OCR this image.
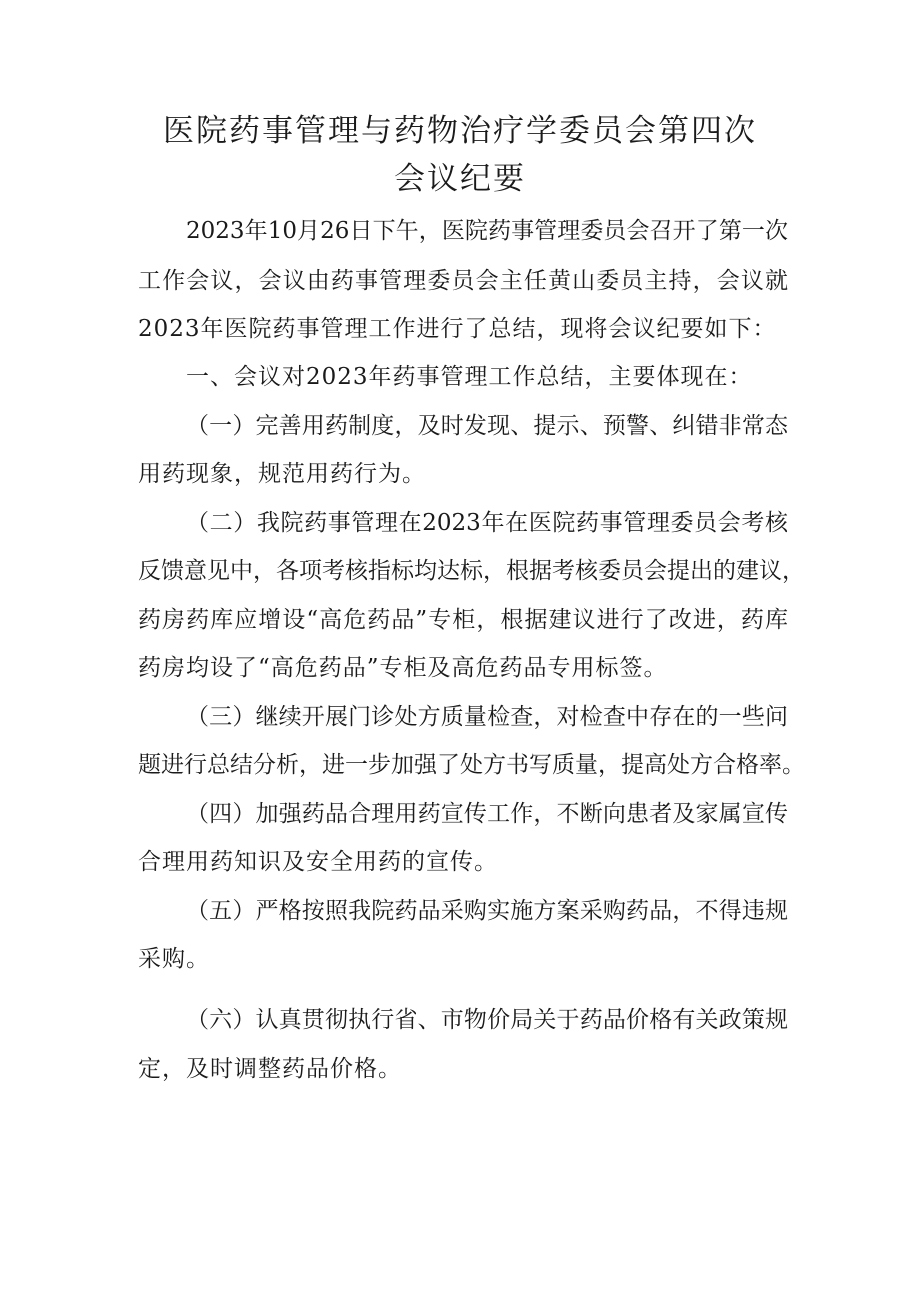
医院药事管理与药物治疗学委员会第四次
会议纪要
2023年10月26日下午，医院药事管理委员会召开了第一次
工作会议，会议由药事管理委员会主任黄山委员主持，会议就
2023年医院药事管理工作进行了总结，现将会议纪要如下：
一、会议对2023年药事管理工作总结，主要体现在：
（一）完善用药制度，及时发现、提示、预警、纠错非常态
用药现象，规范用药行为。
（二）我院药事管理在2023年在医院药事管理委员会考核
反馈意见中，各项考核指标均达标，根据考核委员会提出的建议，
药房药库应增设“高危药品”专柜，根据建议进行了改进，药库
药房均设了“高危药品”专柜及高危药品专用标签。
（三）继续开展门诊处方质量检查，对检查中存在的一些问
题进行总结分析，进一步加强了处方书写质量，提高处方合格率。
（四）加强药品合理用药宣传工作，不断向患者及家属宣传
合理用药知识及安全用药的宣传。
（五）严格按照我院药品采购实施方案采购药品，不得违规
采购。
（六）认真贯彻执行省、市物价局关于药品价格有关政策规
定，及时调整药品价格。
